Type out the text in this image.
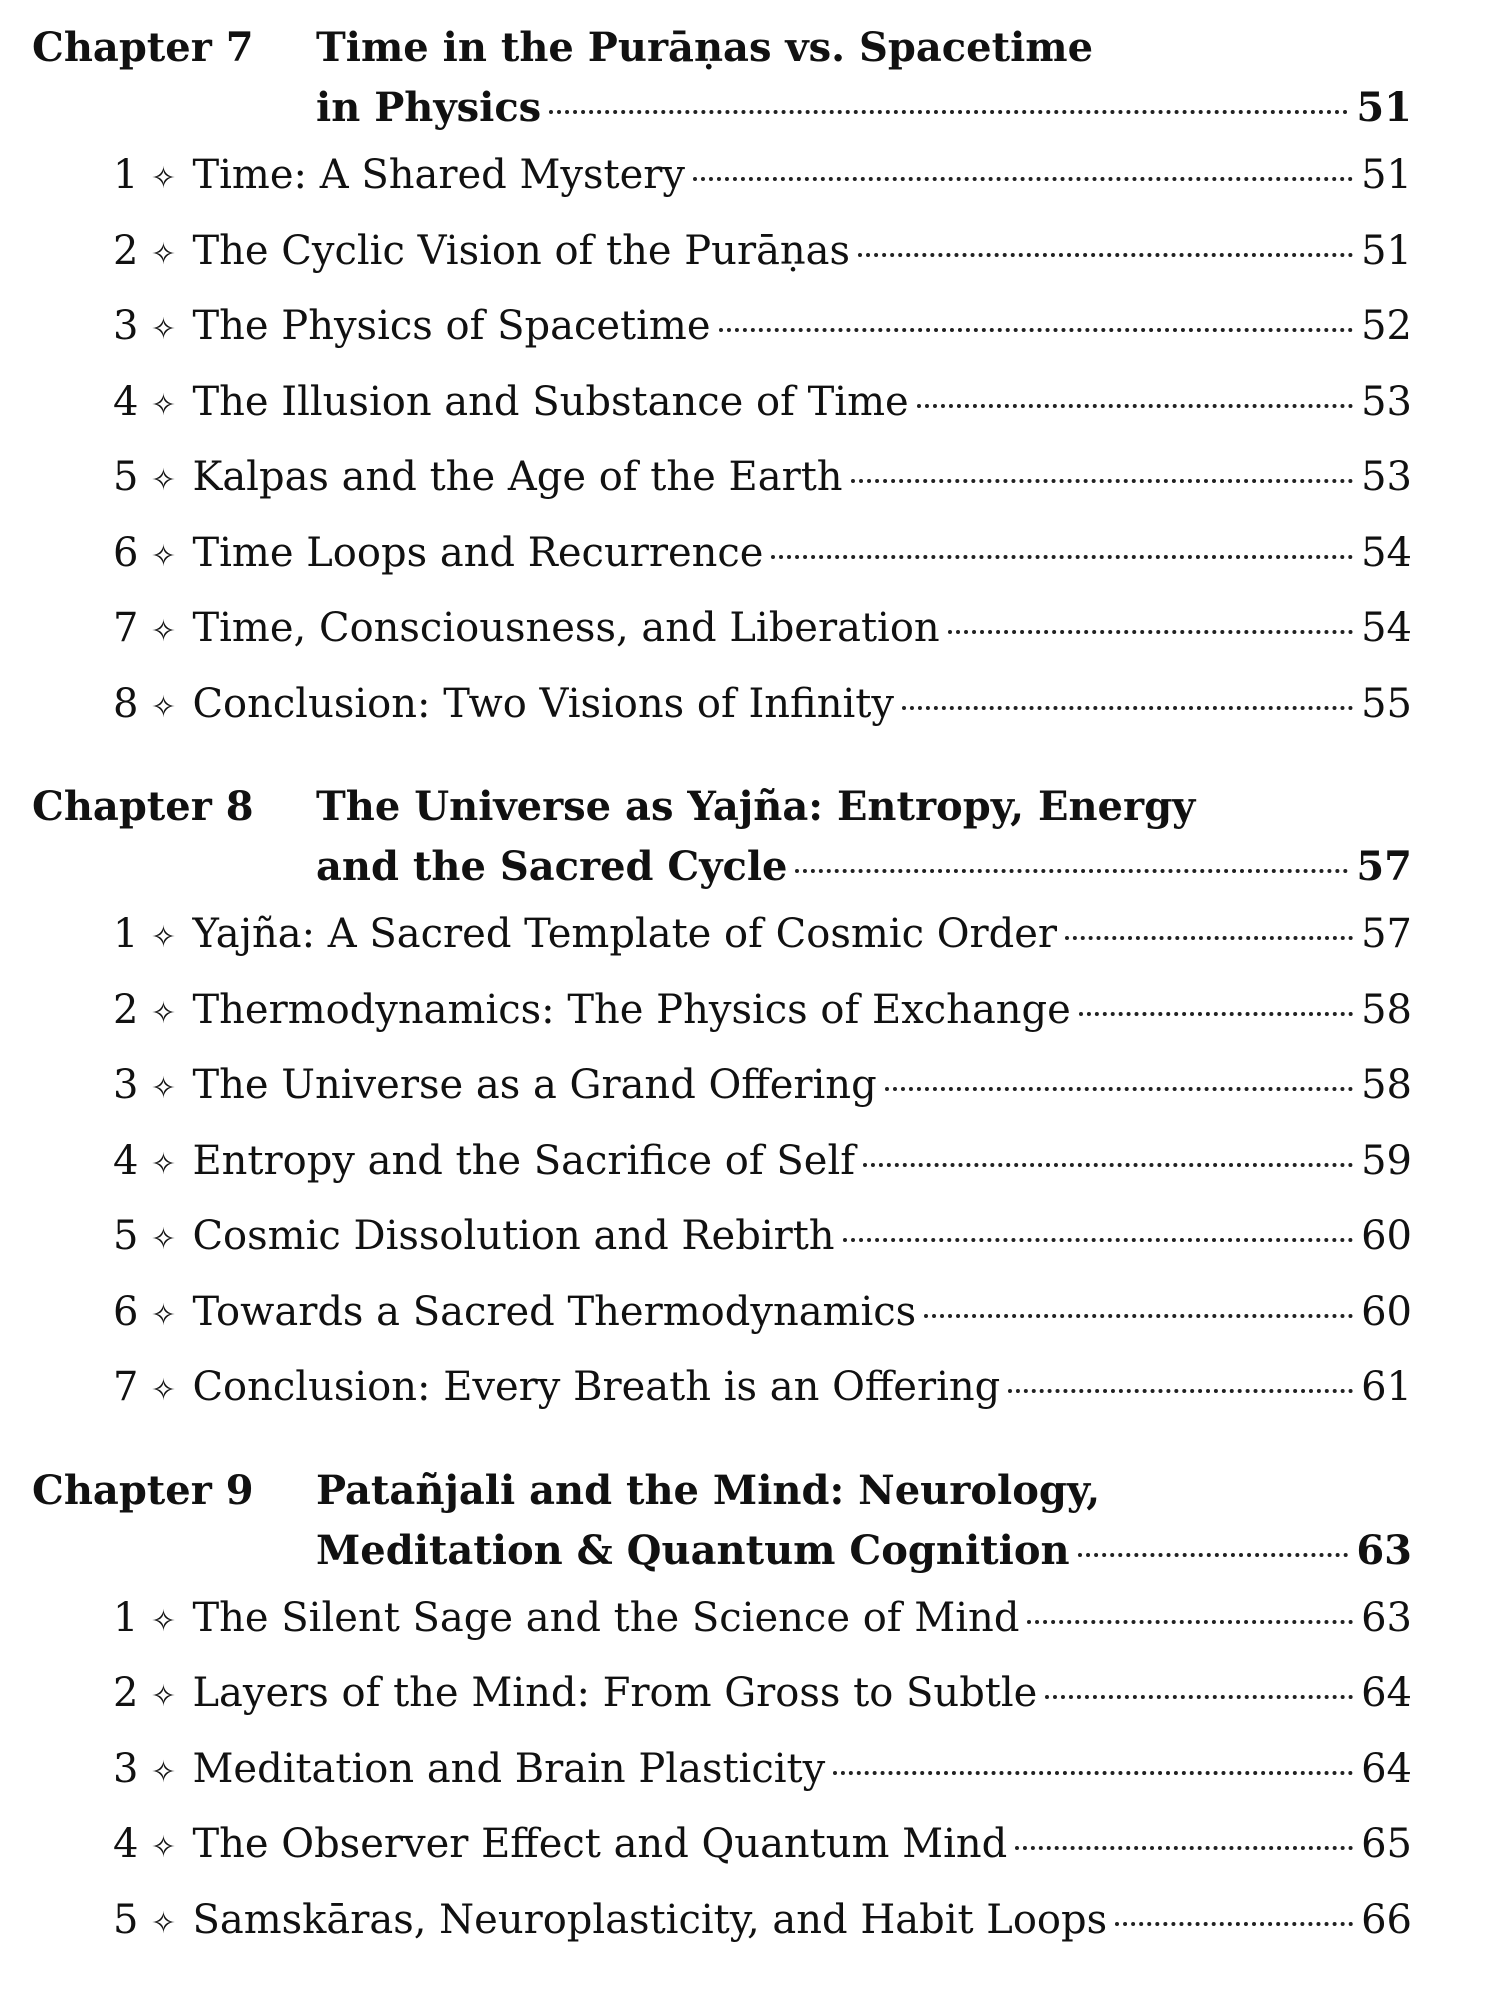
Chapter 7	Time in the Purāṇas vs. Spacetime
in Physics	51
1 ✧ Time: A Shared Mystery	51
2 ✧ The Cyclic Vision of the Purāṇas	51
3 ✧ The Physics of Spacetime	52
4 ✧ The Illusion and Substance of Time	53
5 ✧ Kalpas and the Age of the Earth	53
6 ✧ Time Loops and Recurrence	54
7 ✧ Time, Consciousness, and Liberation	54
8 ✧ Conclusion: Two Visions of Infinity	55
Chapter 8	The Universe as Yajña: Entropy, Energy
and the Sacred Cycle	57
1 ✧ Yajña: A Sacred Template of Cosmic Order	57
2 ✧ Thermodynamics: The Physics of Exchange	58
3 ✧ The Universe as a Grand Offering	58
4 ✧ Entropy and the Sacrifice of Self	59
5 ✧ Cosmic Dissolution and Rebirth	60
6 ✧ Towards a Sacred Thermodynamics	60
7 ✧ Conclusion: Every Breath is an Offering	61
Chapter 9	Patañjali and the Mind: Neurology,
Meditation & Quantum Cognition	63
1 ✧ The Silent Sage and the Science of Mind	63
2 ✧ Layers of the Mind: From Gross to Subtle	64
3 ✧ Meditation and Brain Plasticity	64
4 ✧ The Observer Effect and Quantum Mind	65
5 ✧ Samskāras, Neuroplasticity, and Habit Loops	66
